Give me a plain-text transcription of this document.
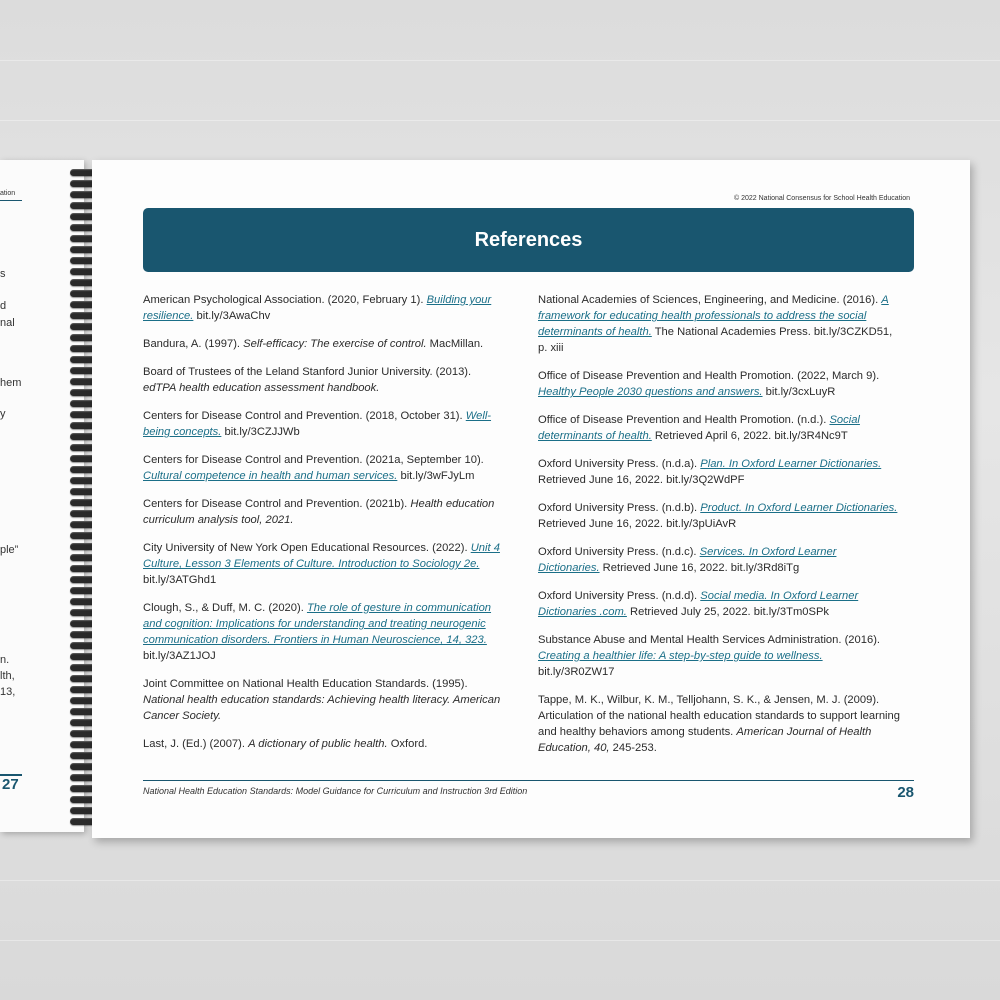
ation
s
d
nal
hem
y
ple”
n.
lth,
13,
27
© 2022 National Consensus for School Health Education
References
American Psychological Association. (2020, February 1). Building your resilience. bit.ly/3AwaChv
Bandura, A. (1997). Self-efficacy: The exercise of control. MacMillan.
Board of Trustees of the Leland Stanford Junior University. (2013). edTPA health education assessment handbook.
Centers for Disease Control and Prevention. (2018, October 31). Well-being concepts. bit.ly/3CZJJWb
Centers for Disease Control and Prevention. (2021a, September 10). Cultural competence in health and human services. bit.ly/3wFJyLm
Centers for Disease Control and Prevention. (2021b). Health education curriculum analysis tool, 2021.
City University of New York Open Educational Resources. (2022). Unit 4 Culture, Lesson 3 Elements of Culture. Introduction to Sociology 2e. bit.ly/3ATGhd1
Clough, S., & Duff, M. C. (2020). The role of gesture in communication and cognition: Implications for understanding and treating neurogenic communication disorders. Frontiers in Human Neuroscience, 14, 323. bit.ly/3AZ1JOJ
Joint Committee on National Health Education Standards. (1995). National health education standards: Achieving health literacy. American Cancer Society.
Last, J. (Ed.) (2007). A dictionary of public health. Oxford.
National Academies of Sciences, Engineering, and Medicine. (2016). A framework for educating health professionals to address the social determinants of health. The National Academies Press. bit.ly/3CZKD51, p. xiii
Office of Disease Prevention and Health Promotion. (2022, March 9). Healthy People 2030 questions and answers. bit.ly/3cxLuyR
Office of Disease Prevention and Health Promotion. (n.d.). Social determinants of health. Retrieved April 6, 2022. bit.ly/3R4Nc9T
Oxford University Press. (n.d.a). Plan. In Oxford Learner Dictionaries. Retrieved June 16, 2022. bit.ly/3Q2WdPF
Oxford University Press. (n.d.b). Product. In Oxford Learner Dictionaries. Retrieved June 16, 2022. bit.ly/3pUiAvR
Oxford University Press. (n.d.c). Services. In Oxford Learner Dictionaries. Retrieved June 16, 2022. bit.ly/3Rd8iTg
Oxford University Press. (n.d.d). Social media. In Oxford Learner Dictionaries .com. Retrieved July 25, 2022. bit.ly/3Tm0SPk
Substance Abuse and Mental Health Services Administration. (2016). Creating a healthier life: A step-by-step guide to wellness. bit.ly/3R0ZW17
Tappe, M. K., Wilbur, K. M., Telljohann, S. K., & Jensen, M. J. (2009). Articulation of the national health education standards to support learning and healthy behaviors among students. American Journal of Health Education, 40, 245-253.
National Health Education Standards: Model Guidance for Curriculum and Instruction 3rd Edition	28
